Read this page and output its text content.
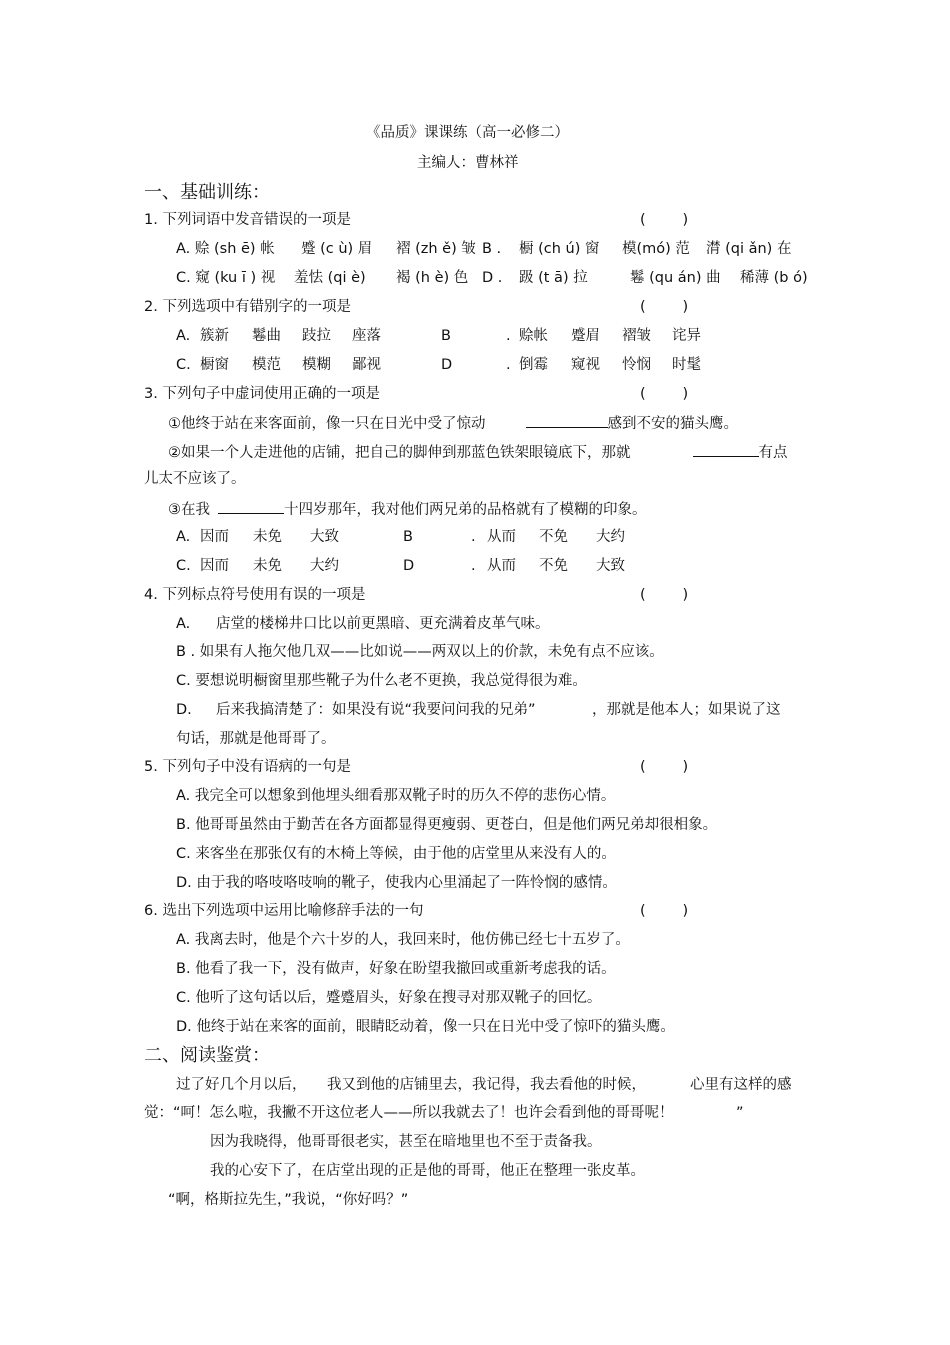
《品质》课课练（高一必修二）
主编人：曹林祥
一、基础训练：
1. 下列词语中发音错误的一项是	(        )
A. 赊 (sh ē) 帐 蹙 (c ù) 眉 褶 (zh ě) 皱 B . 橱 (ch ú) 窗 模(mó) 范 潸 (qi ǎn) 在
C. 窥 (ku ī ) 视 羞怯 (qi è) 褐 (h è) 色 D . 趿 (t ā) 拉	鬈 (qu án) 曲 稀薄 (b ó)
2. 下列选项中有错别字的一项是	(        )
A. 簇新 鬈曲 跂拉 座落	B	. 赊帐 蹙眉 褶皱 诧异
C. 橱窗 模范 模糊 鄙视	D	. 倒霉 窥视 怜悯 时髦
3. 下列句子中虚词使用正确的一项是	(        )
①他终于站在来客面前，像一只在日光中受了惊动	感到不安的猫头鹰。
②如果一个人走进他的店铺，把自己的脚伸到那蓝色铁架眼镜底下，那就	有点
儿太不应该了。
③在我	十四岁那年，我对他们两兄弟的品格就有了模糊的印象。
A. 因而 未免 大致	B	. 从而 不免 大约
C. 因而 未免 大约	D	. 从而 不免 大致
4. 下列标点符号使用有误的一项是	(        )
A. 店堂的楼梯井口比以前更黑暗、更充满着皮革气味。
B . 如果有人拖欠他几双——比如说——两双以上的价款，未免有点不应该。
C. 要想说明橱窗里那些靴子为什么老不更换，我总觉得很为难。
D. 后来我搞清楚了：如果没有说“我要问问我的兄弟”	，那就是他本人；如果说了这
句话，那就是他哥哥了。
5. 下列句子中没有语病的一句是	(        )
A. 我完全可以想象到他埋头细看那双靴子时的历久不停的悲伤心情。
B. 他哥哥虽然由于勤苦在各方面都显得更瘦弱、更苍白，但是他们两兄弟却很相象。
C. 来客坐在那张仅有的木椅上等候，由于他的店堂里从来没有人的。
D. 由于我的咯吱咯吱响的靴子，使我内心里涌起了一阵怜悯的感情。
6. 选出下列选项中运用比喻修辞手法的一句	(        )
A. 我离去时，他是个六十岁的人，我回来时，他仿佛已经七十五岁了。
B. 他看了我一下，没有做声，好象在盼望我撤回或重新考虑我的话。
C. 他听了这句话以后，蹙蹙眉头，好象在搜寻对那双靴子的回忆。
D. 他终于站在来客的面前，眼睛眨动着，像一只在日光中受了惊吓的猫头鹰。
二、阅读鉴赏：
过了好几个月以后， 我又到他的店铺里去，我记得，我去看他的时候，	心里有这样的感
觉：“呵！怎么啦，我撇不开这位老人——所以我就去了！也许会看到他的哥哥呢！	”
因为我晓得，他哥哥很老实，甚至在暗地里也不至于责备我。
我的心安下了，在店堂出现的正是他的哥哥，他正在整理一张皮革。
“啊，格斯拉先生，”我说，“你好吗？”
